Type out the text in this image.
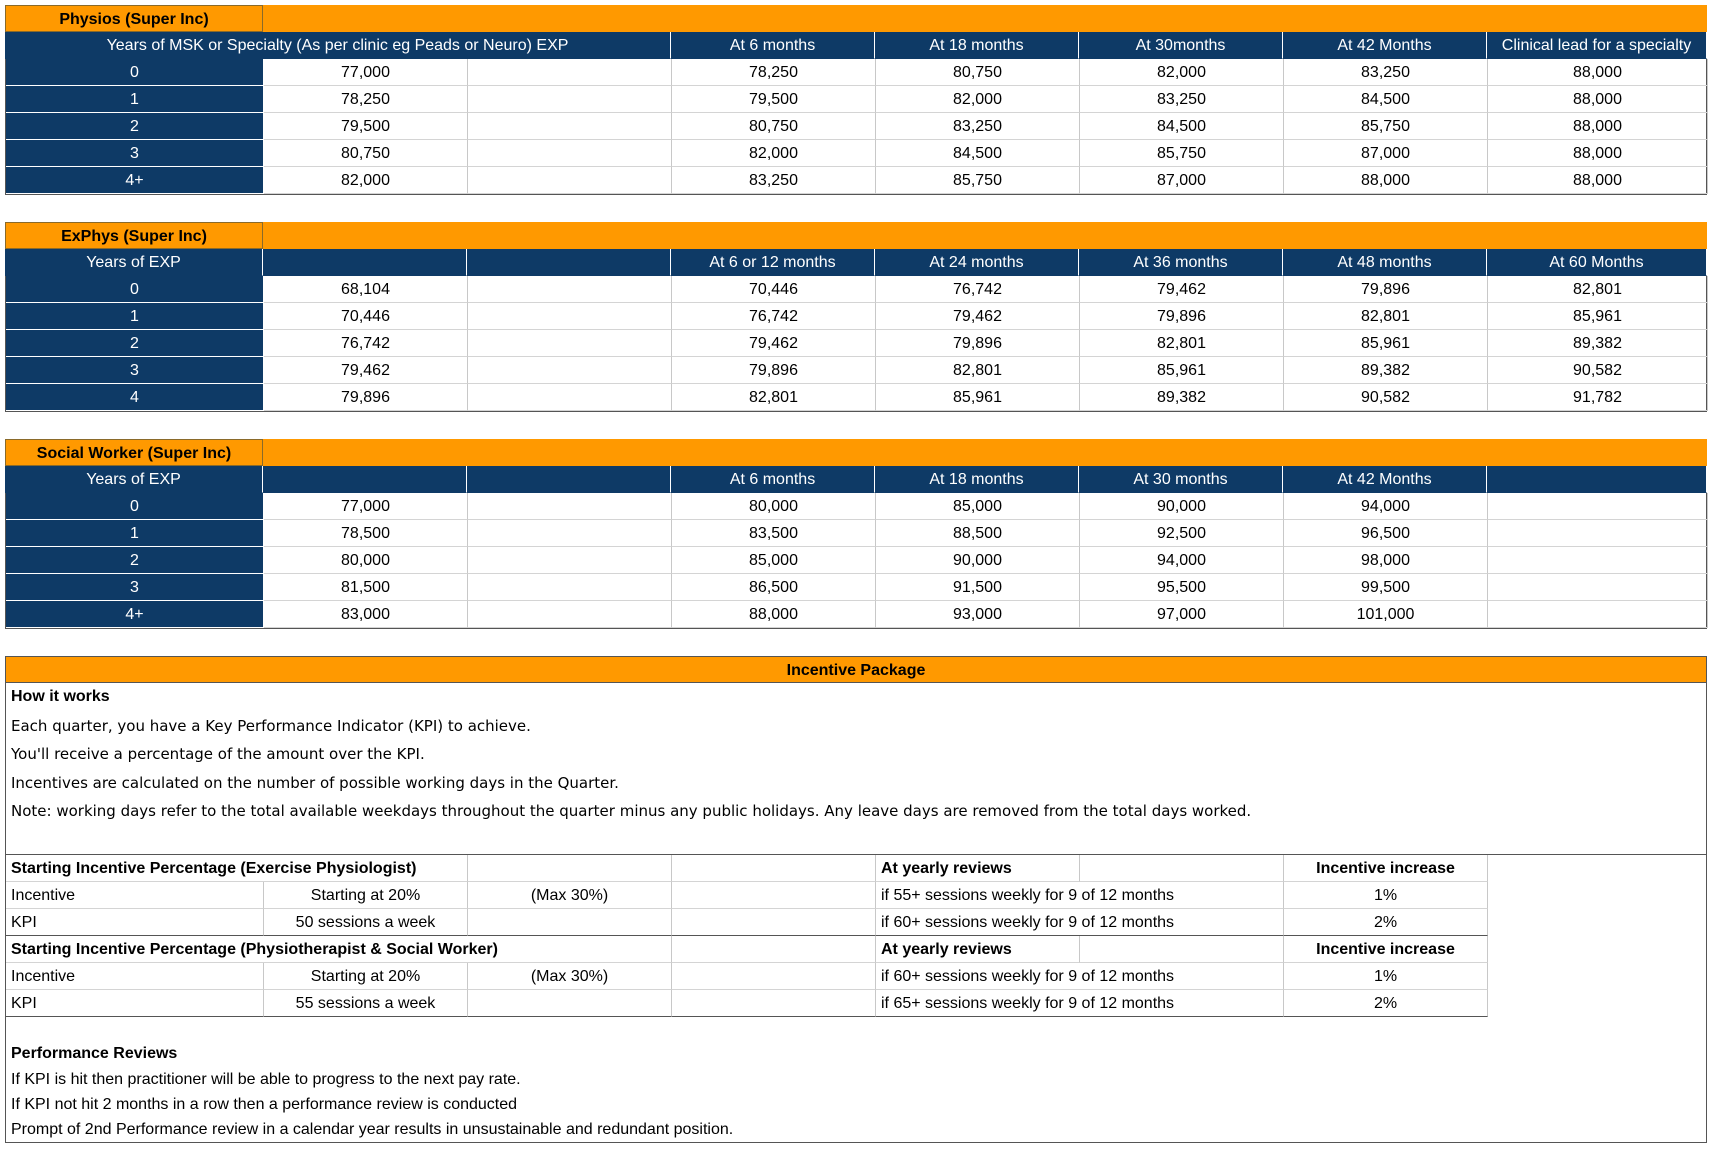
Physios (Super Inc)
Years of MSK or Specialty (As per clinic eg Peads or Neuro) EXP	At 6 months	At 18 months	At 30months	At 42 Months	Clinical lead for a specialty
0	77,000	78,250	80,750	82,000	83,250	88,000
1	78,250	79,500	82,000	83,250	84,500	88,000
2	79,500	80,750	83,250	84,500	85,750	88,000
3	80,750	82,000	84,500	85,750	87,000	88,000
4+	82,000	83,250	85,750	87,000	88,000	88,000
ExPhys (Super Inc)
Years of EXP	At 6 or 12 months	At 24 months	At 36 months	At 48 months	At 60 Months
0	68,104	70,446	76,742	79,462	79,896	82,801
1	70,446	76,742	79,462	79,896	82,801	85,961
2	76,742	79,462	79,896	82,801	85,961	89,382
3	79,462	79,896	82,801	85,961	89,382	90,582
4	79,896	82,801	85,961	89,382	90,582	91,782
Social Worker (Super Inc)
Years of EXP	At 6 months	At 18 months	At 30 months	At 42 Months
0	77,000	80,000	85,000	90,000	94,000
1	78,500	83,500	88,500	92,500	96,500
2	80,000	85,000	90,000	94,000	98,000
3	81,500	86,500	91,500	95,500	99,500
4+	83,000	88,000	93,000	97,000	101,000
Incentive Package
How it works
Each quarter, you have a Key Performance Indicator (KPI) to achieve.
You'll receive a percentage of the amount over the KPI.
Incentives are calculated on the number of possible working days in the Quarter.
Note: working days refer to the total available weekdays throughout the quarter minus any public holidays. Any leave days are removed from the total days worked.
Starting Incentive Percentage (Exercise Physiologist)	At yearly reviews	Incentive increase
Incentive	Starting at 20%	(Max 30%)	if 55+ sessions weekly for 9 of 12 months	1%
KPI	50 sessions a week	if 60+ sessions weekly for 9 of 12 months	2%
Starting Incentive Percentage (Physiotherapist & Social Worker)	At yearly reviews	Incentive increase
Incentive	Starting at 20%	(Max 30%)	if 60+ sessions weekly for 9 of 12 months	1%
KPI	55 sessions a week	if 65+ sessions weekly for 9 of 12 months	2%
Performance Reviews
If KPI is hit then practitioner will be able to progress to the next pay rate.
If KPI not hit 2 months in a row then a performance review is conducted
Prompt of 2nd Performance review in a calendar year results in unsustainable and redundant position.
